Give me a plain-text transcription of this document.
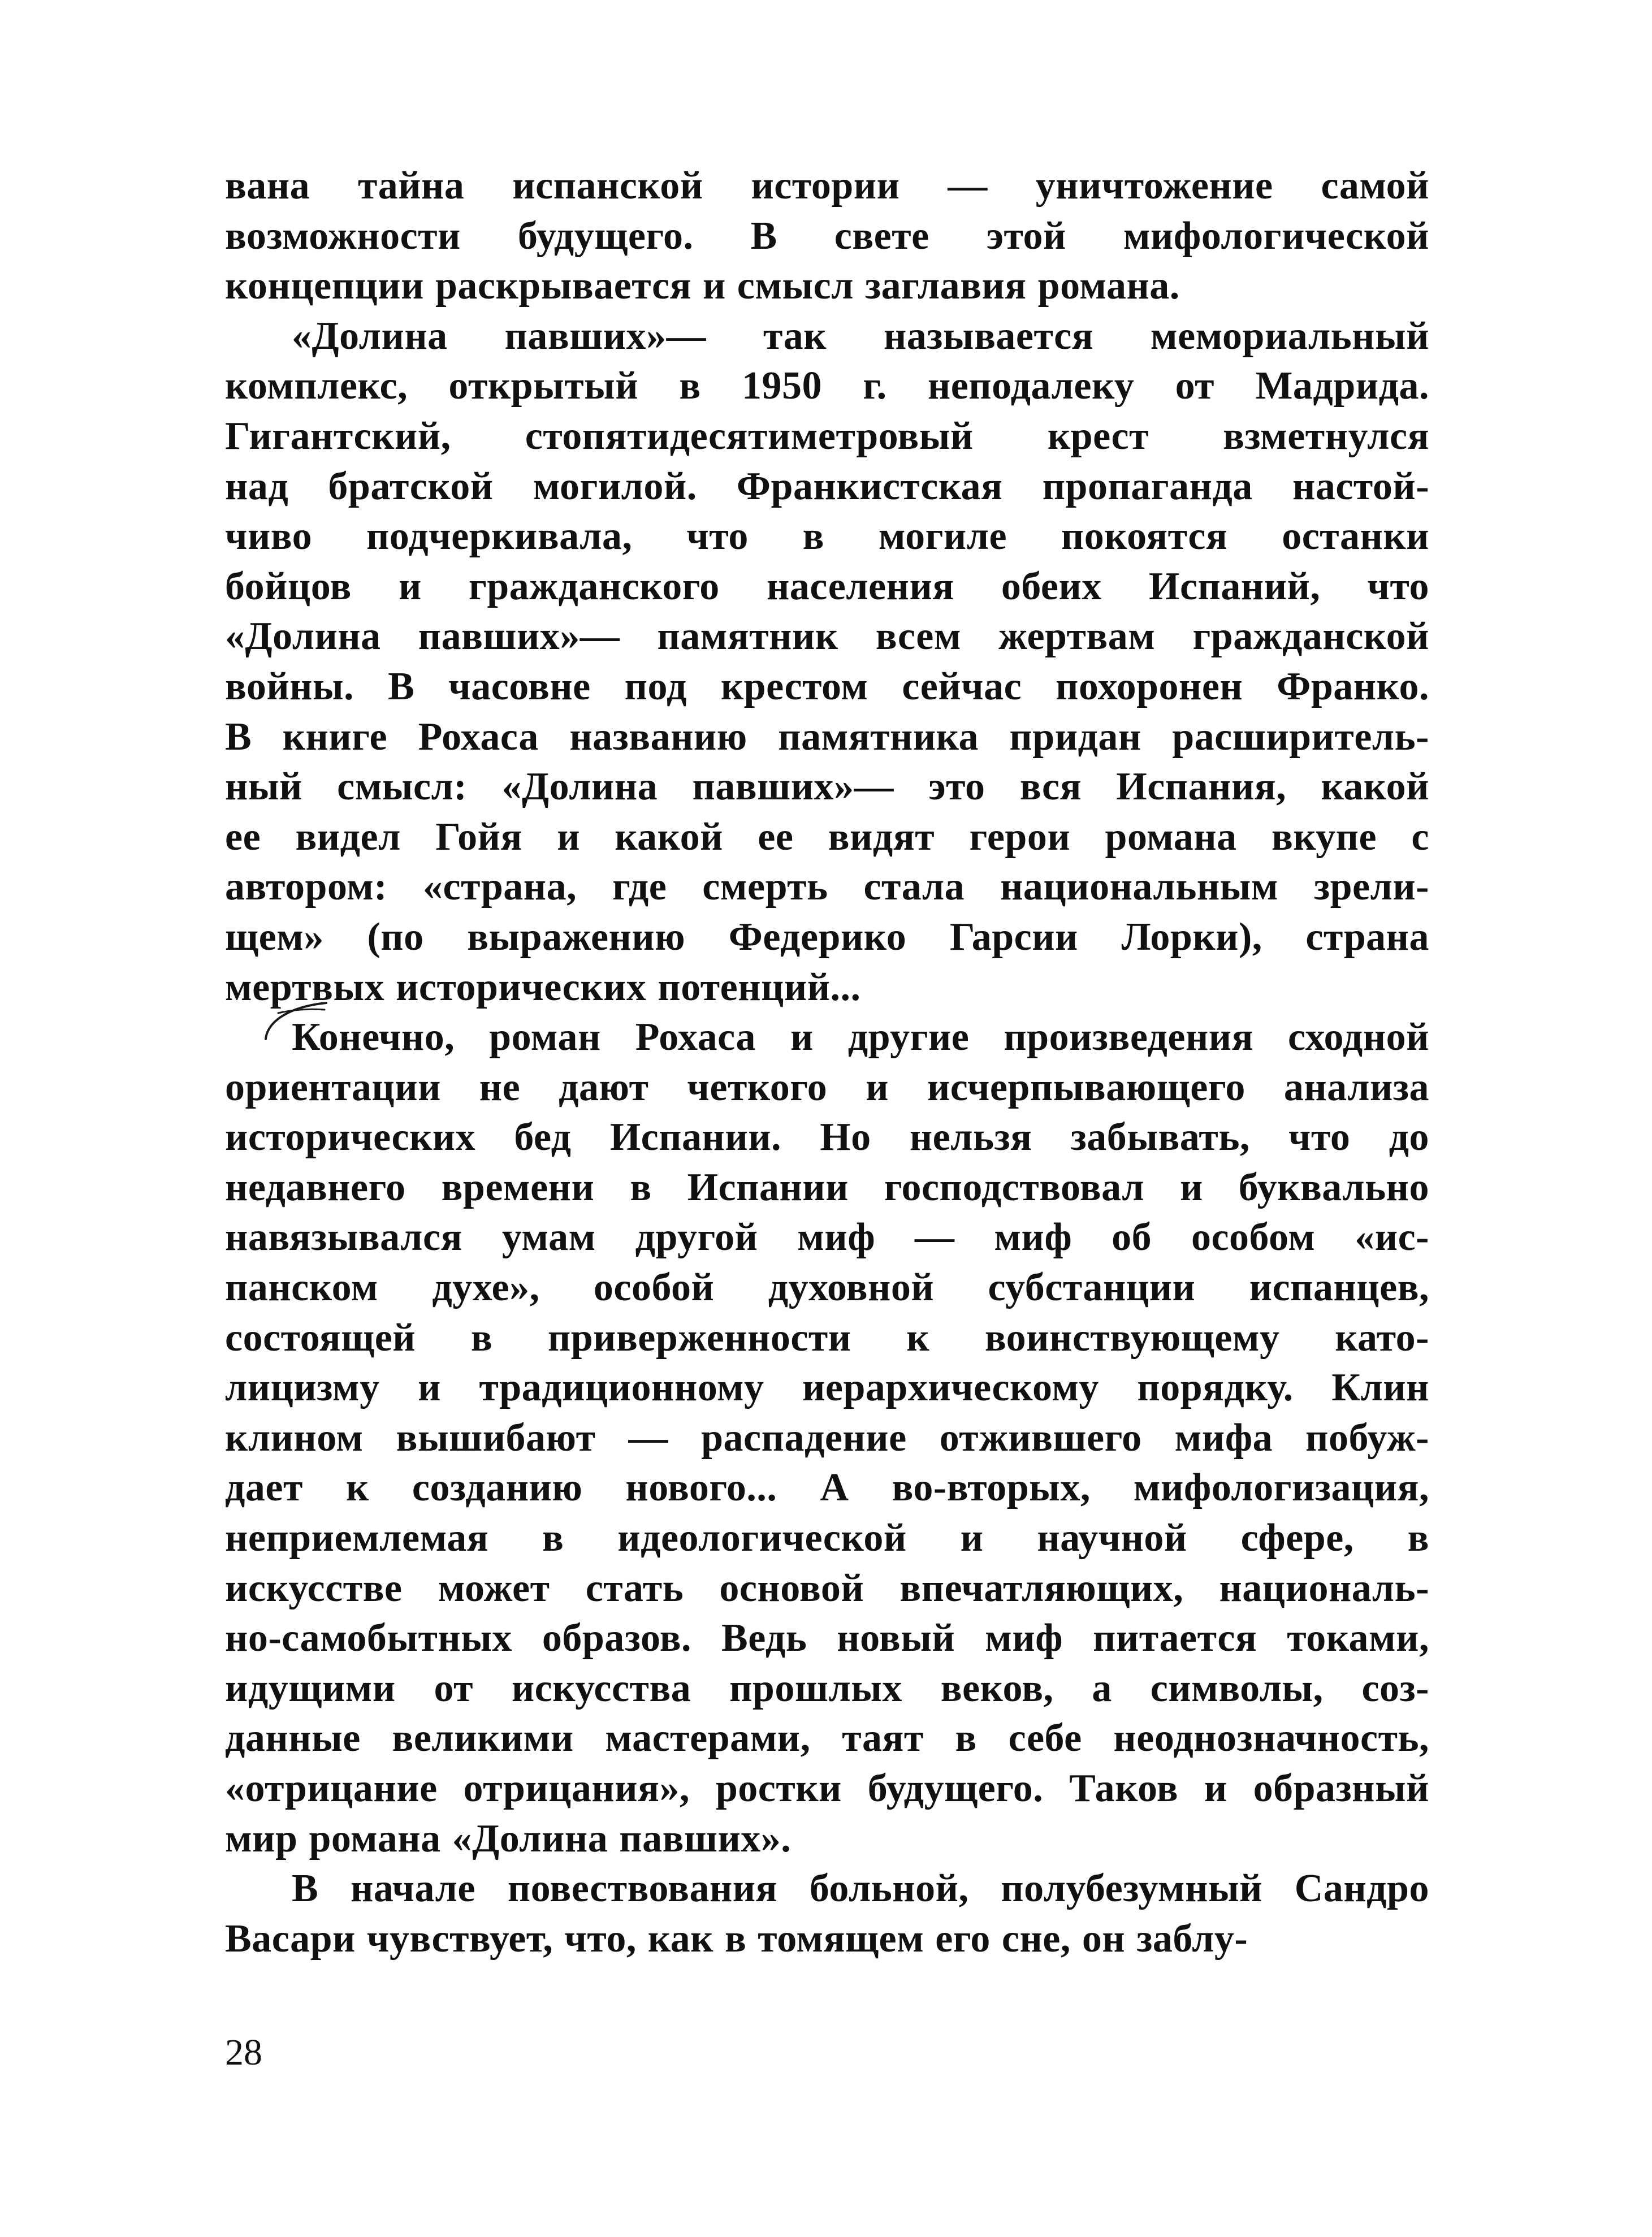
вана тайна испанской истории — уничтожение самой
возможности будущего. В свете этой мифологической
концепции раскрывается и смысл заглавия романа.
«Долина павших»— так называется мемориальный
комплекс, открытый в 1950 г. неподалеку от Мадрида.
Гигантский, стопятидесятиметровый крест взметнулся
над братской могилой. Франкистская пропаганда настой-
чиво подчеркивала, что в могиле покоятся останки
бойцов и гражданского населения обеих Испаний, что
«Долина павших»— памятник всем жертвам гражданской
войны. В часовне под крестом сейчас похоронен Франко.
В книге Рохаса названию памятника придан расширитель-
ный смысл: «Долина павших»— это вся Испания, какой
ее видел Гойя и какой ее видят герои романа вкупе с
автором: «страна, где смерть стала национальным зрели-
щем» (по выражению Федерико Гарсии Лорки), страна
мертвых исторических потенций...
Конечно, роман Рохаса и другие произведения сходной
ориентации не дают четкого и исчерпывающего анализа
исторических бед Испании. Но нельзя забывать, что до
недавнего времени в Испании господствовал и буквально
навязывался умам другой миф — миф об особом «ис-
панском духе», особой духовной субстанции испанцев,
состоящей в приверженности к воинствующему като-
лицизму и традиционному иерархическому порядку. Клин
клином вышибают — распадение отжившего мифа побуж-
дает к созданию нового... А во-вторых, мифологизация,
неприемлемая в идеологической и научной сфере, в
искусстве может стать основой впечатляющих, националь-
но-самобытных образов. Ведь новый миф питается токами,
идущими от искусства прошлых веков, а символы, соз-
данные великими мастерами, таят в себе неоднозначность,
«отрицание отрицания», ростки будущего. Таков и образный
мир романа «Долина павших».
В начале повествования больной, полубезумный Сандро
Васари чувствует, что, как в томящем его сне, он заблу-
28
